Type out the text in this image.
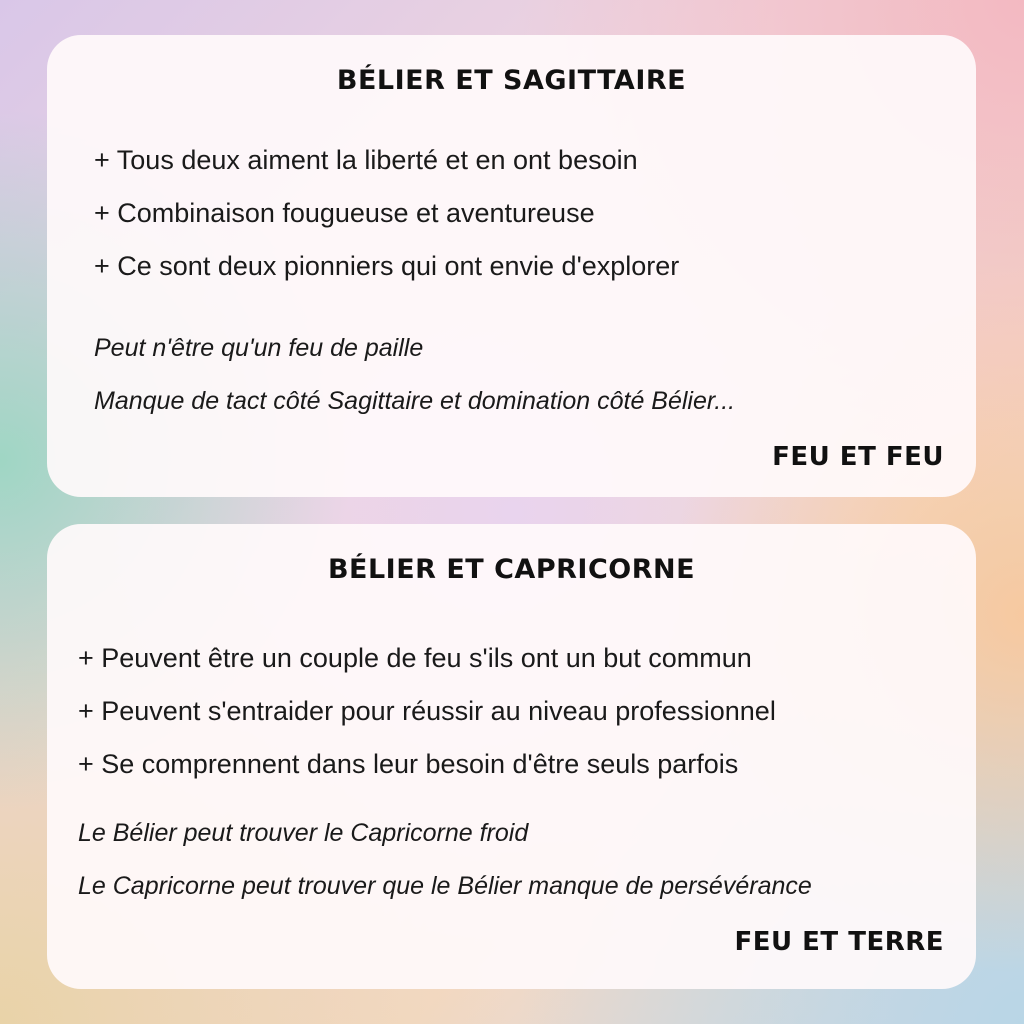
BÉLIER ET SAGITTAIRE
+ Tous deux aiment la liberté et en ont besoin
+ Combinaison fougueuse et aventureuse
+ Ce sont deux pionniers qui ont envie d'explorer
Peut n'être qu'un feu de paille
Manque de tact côté Sagittaire et domination côté Bélier...

FEU ET FEU

BÉLIER ET CAPRICORNE
+ Peuvent être un couple de feu s'ils ont un but commun
+ Peuvent s'entraider pour réussir au niveau professionnel
+ Se comprennent dans leur besoin d'être seuls parfois
Le Bélier peut trouver le Capricorne froid
Le Capricorne peut trouver que le Bélier manque de persévérance

FEU ET TERRE
